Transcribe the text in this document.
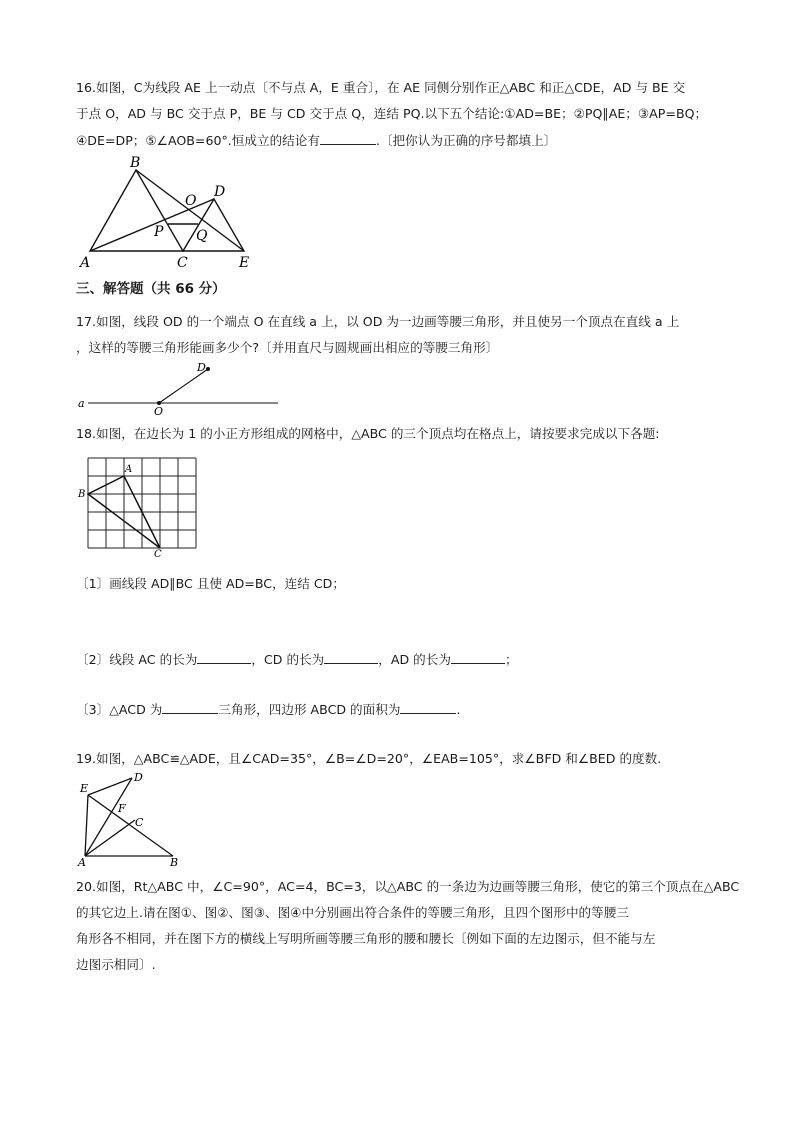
16.如图，C为线段 AE 上一动点〔不与点 A，E 重合〕，在 AE 同侧分别作正△ABC 和正△CDE，AD 与 BE 交
于点 O，AD 与 BC 交于点 P，BE 与 CD 交于点 Q，连结 PQ.以下五个结论:①AD=BE；②PQ∥AE；③AP=BQ；
④DE=DP；⑤∠AOB=60°.恒成立的结论有	.〔把你认为正确的序号都填上〕
B
O
D
P Q
A	C	E
三、解答题（共 66 分）
17.如图，线段 OD 的一个端点 O 在直线 a 上，以 OD 为一边画等腰三角形，并且使另一个顶点在直线 a 上
，这样的等腰三角形能画多少个?〔并用直尺与圆规画出相应的等腰三角形〕
a
O
D
18.如图，在边长为 1 的小正方形组成的网格中，△ABC 的三个顶点均在格点上，请按要求完成以下各题:
A
B
C
〔1〕画线段 AD∥BC 且使 AD=BC，连结 CD；
〔2〕线段 AC 的长为	，CD 的长为	，AD 的长为	；
〔3〕△ACD 为	三角形，四边形 ABCD 的面积为	.
19.如图，△ABC≌△ADE，且∠CAD=35°，∠B=∠D=20°，∠EAB=105°，求∠BFD 和∠BED 的度数.
E
D
F
C
A	B
20.如图，Rt△ABC 中，∠C=90°，AC=4，BC=3，以△ABC 的一条边为边画等腰三角形，使它的第三个顶点在△ABC
的其它边上.请在图①、图②、图③、图④中分别画出符合条件的等腰三角形，且四个图形中的等腰三
角形各不相同，并在图下方的横线上写明所画等腰三角形的腰和腰长〔例如下面的左边图示，但不能与左
边图示相同〕.
